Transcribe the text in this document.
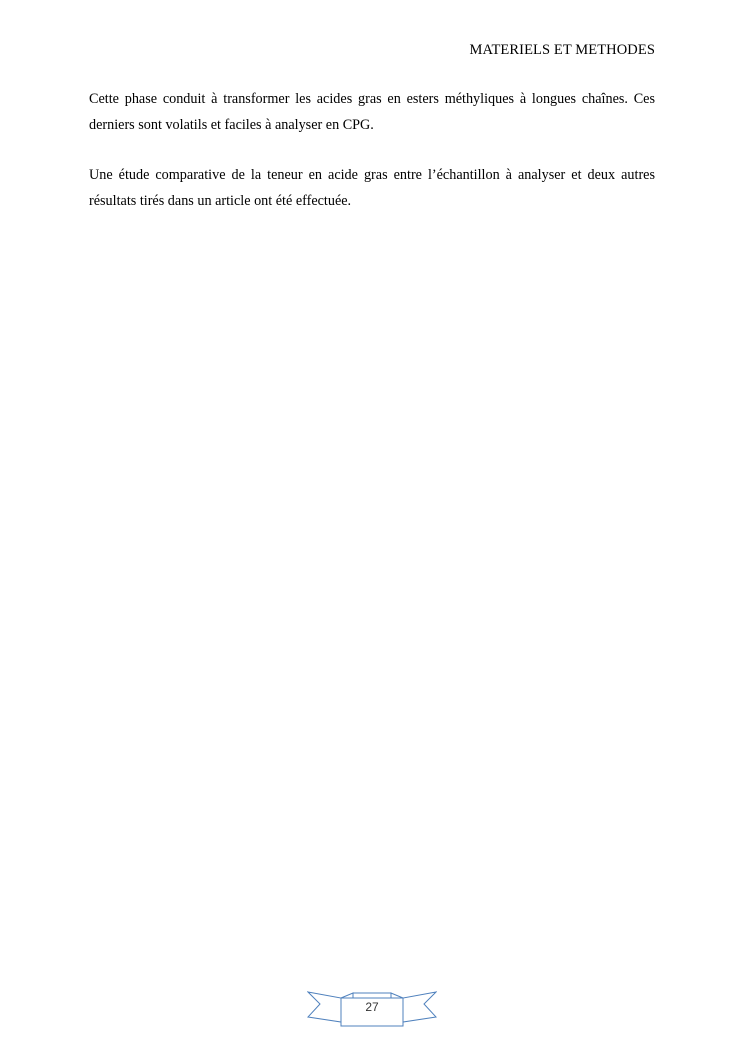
MATERIELS ET METHODES

Cette phase conduit à transformer les acides gras en esters méthyliques à longues chaînes. Ces derniers sont volatils et faciles à analyser en CPG.

Une étude comparative de la teneur en acide gras entre l’échantillon à analyser et deux autres résultats tirés dans un article ont été effectuée.

27
